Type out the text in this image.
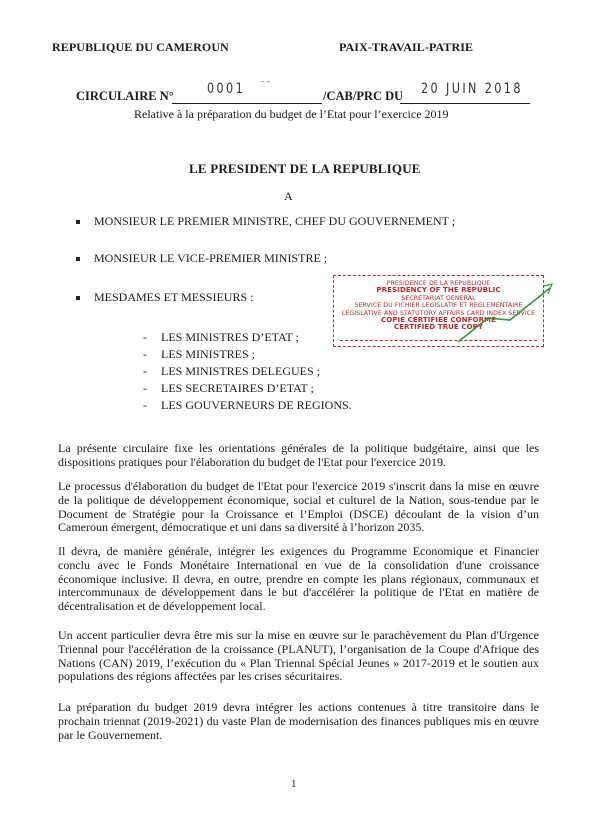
REPUBLIQUE DU CAMEROUN	PAIX-TRAVAIL-PATRIE
CIRCULAIRE N° 0001 ˉ ˉ
/CAB/PRC DU 20 JUIN 2018
Relative à la préparation du budget de l’Etat pour l’exercice 2019
LE PRESIDENT DE LA REPUBLIQUE
A
MONSIEUR LE PREMIER MINISTRE, CHEF DU GOUVERNEMENT ;
MONSIEUR LE VICE-PREMIER MINISTRE ;
MESDAMES ET MESSIEURS :
PRESIDENCE DE LA REPUBLIQUE
PRESIDENCY OF THE REPUBLIC
SECRETARIAT GENERAL
SERVICE DU FICHIER LEGISLATIF ET REGLEMENTAIRE
LEGISLATIVE AND STATUTORY AFFAIRS CARD INDEX SERVICE
COPIE CERTIFIEE CONFORME
CERTIFIED TRUE COPY
- LES MINISTRES D’ETAT ;
- LES MINISTRES ;
- LES MINISTRES DELEGUES ;
- LES SECRETAIRES D’ETAT ;
- LES GOUVERNEURS DE REGIONS.

La présente circulaire fixe les orientations générales de la politique budgétaire, ainsi que les dispositions pratiques pour l'élaboration du budget de l'Etat pour l'exercice 2019.

Le processus d'élaboration du budget de l'Etat pour l'exercice 2019 s'inscrit dans la mise en œuvre de la politique de développement économique, social et culturel de la Nation, sous-tendue par le Document de Stratégie pour la Croissance et l’Emploi (DSCE) découlant de la vision d’un Cameroun émergent, démocratique et uni dans sa diversité à l’horizon 2035.

Il devra, de manière générale, intégrer les exigences du Programme Economique et Financier conclu avec le Fonds Monétaire International en vue de la consolidation d'une croissance économique inclusive. Il devra, en outre, prendre en compte les plans régionaux, communaux et intercommunaux de développement dans le but d'accélérer la politique de l'Etat en matière de décentralisation et de développement local.

Un accent particulier devra être mis sur la mise en œuvre sur le parachèvement du Plan d'Urgence Triennal pour l'accélération de la croissance (PLANUT), l’organisation de la Coupe d'Afrique des Nations (CAN) 2019, l’exécution du « Plan Triennal Spécial Jeunes » 2017-2019 et le soutien aux populations des régions affectées par les crises sécuritaires.

La préparation du budget 2019 devra intégrer les actions contenues à titre transitoire dans le prochain triennat (2019-2021) du vaste Plan de modernisation des finances publiques mis en œuvre par le Gouvernement.

1
